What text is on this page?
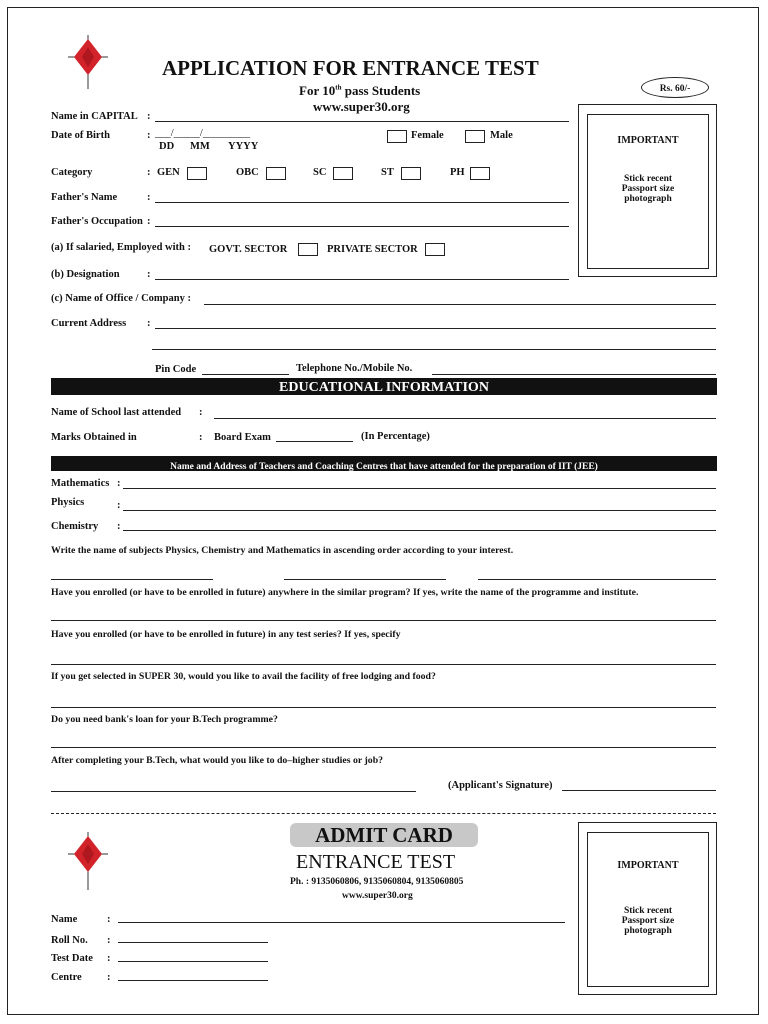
APPLICATION FOR ENTRANCE TEST
For 10th pass Students
www.super30.org
Rs. 60/-
IMPORTANT
Stick recent
Passport size
photograph
Name in CAPITAL :
Date of Birth	: ___/_____/_________
DD MM YYYY
Female	Male
Category	: GEN	OBC	SC	ST	PH
Father's Name	:
Father's Occupation :
(a) If salaried, Employed with : GOVT. SECTOR	PRIVATE SECTOR
(b) Designation	:
(c) Name of Office / Company :
Current Address :
Pin Code	Telephone No./Mobile No.
EDUCATIONAL INFORMATION
Name of School last attended :
Marks Obtained in	: Board Exam	(In Percentage)
Name and Address of Teachers and Coaching Centres that have attended for the preparation of IIT (JEE)
Mathematics :
Physics	:
Chemistry :
Write the name of subjects Physics, Chemistry and Mathematics in ascending order according to your interest.
Have you enrolled (or have to be enrolled in future) anywhere in the similar program? If yes, write the name of the programme and institute.
Have you enrolled (or have to be enrolled in future) in any test series? If yes, specify
If you get selected in SUPER 30, would you like to avail the facility of free lodging and food?
Do you need bank's loan for your B.Tech programme?
After completing your B.Tech, what would you like to do–higher studies or job?
(Applicant's Signature)
ADMIT CARD
ENTRANCE TEST
Ph. : 9135060806, 9135060804, 9135060805
www.super30.org
IMPORTANT
Stick recent
Passport size
photograph
Name	:
Roll No. :
Test Date :
Centre :
